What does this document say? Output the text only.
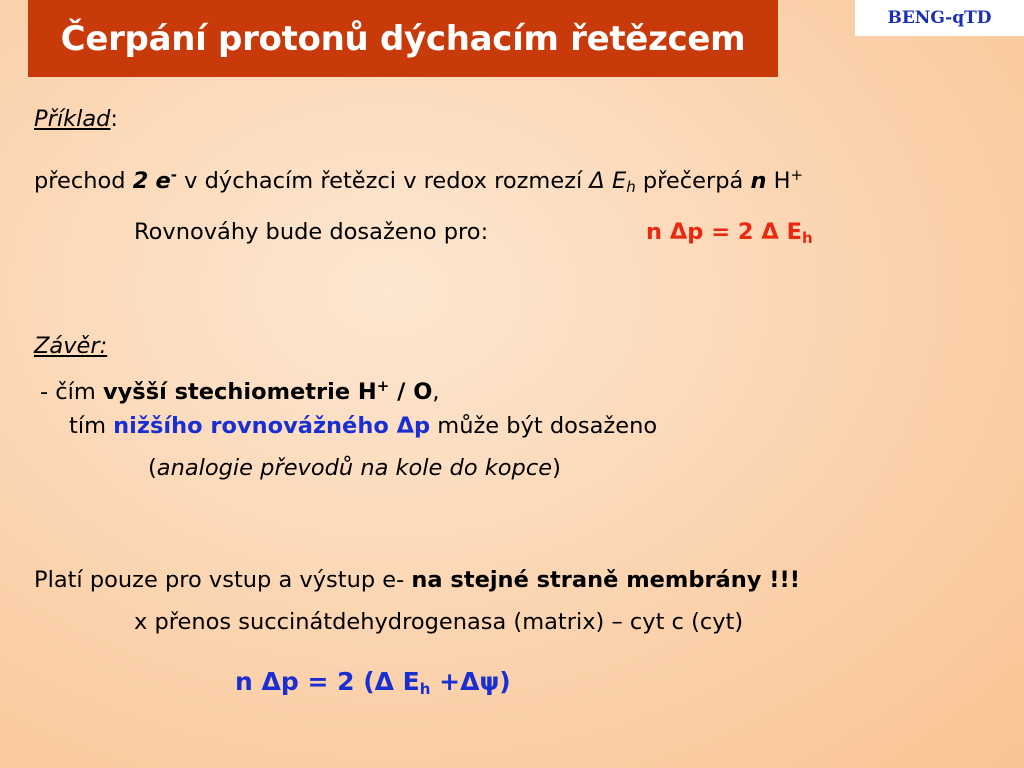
Čerpání protonů dýchacím řetězcem
BENG-qTD
Příklad:
přechod 2 e- v dýchacím řetězci v redox rozmezí Δ $E_h$ přečerpá n H+
Rovnováhy bude dosaženo pro:	n Δp = 2 Δ $E_h$
Závěr:
- čím vyšší stechiometrie H+ / O,
tím nižšího rovnovážného Δp může být dosaženo
(analogie převodů na kole do kopce)
Platí pouze pro vstup a výstup e- na stejné straně membrány !!!
x přenos succinátdehydrogenasa (matrix) – cyt c (cyt)
n Δp = 2 (Δ $E_h +\Delta\psi$)
